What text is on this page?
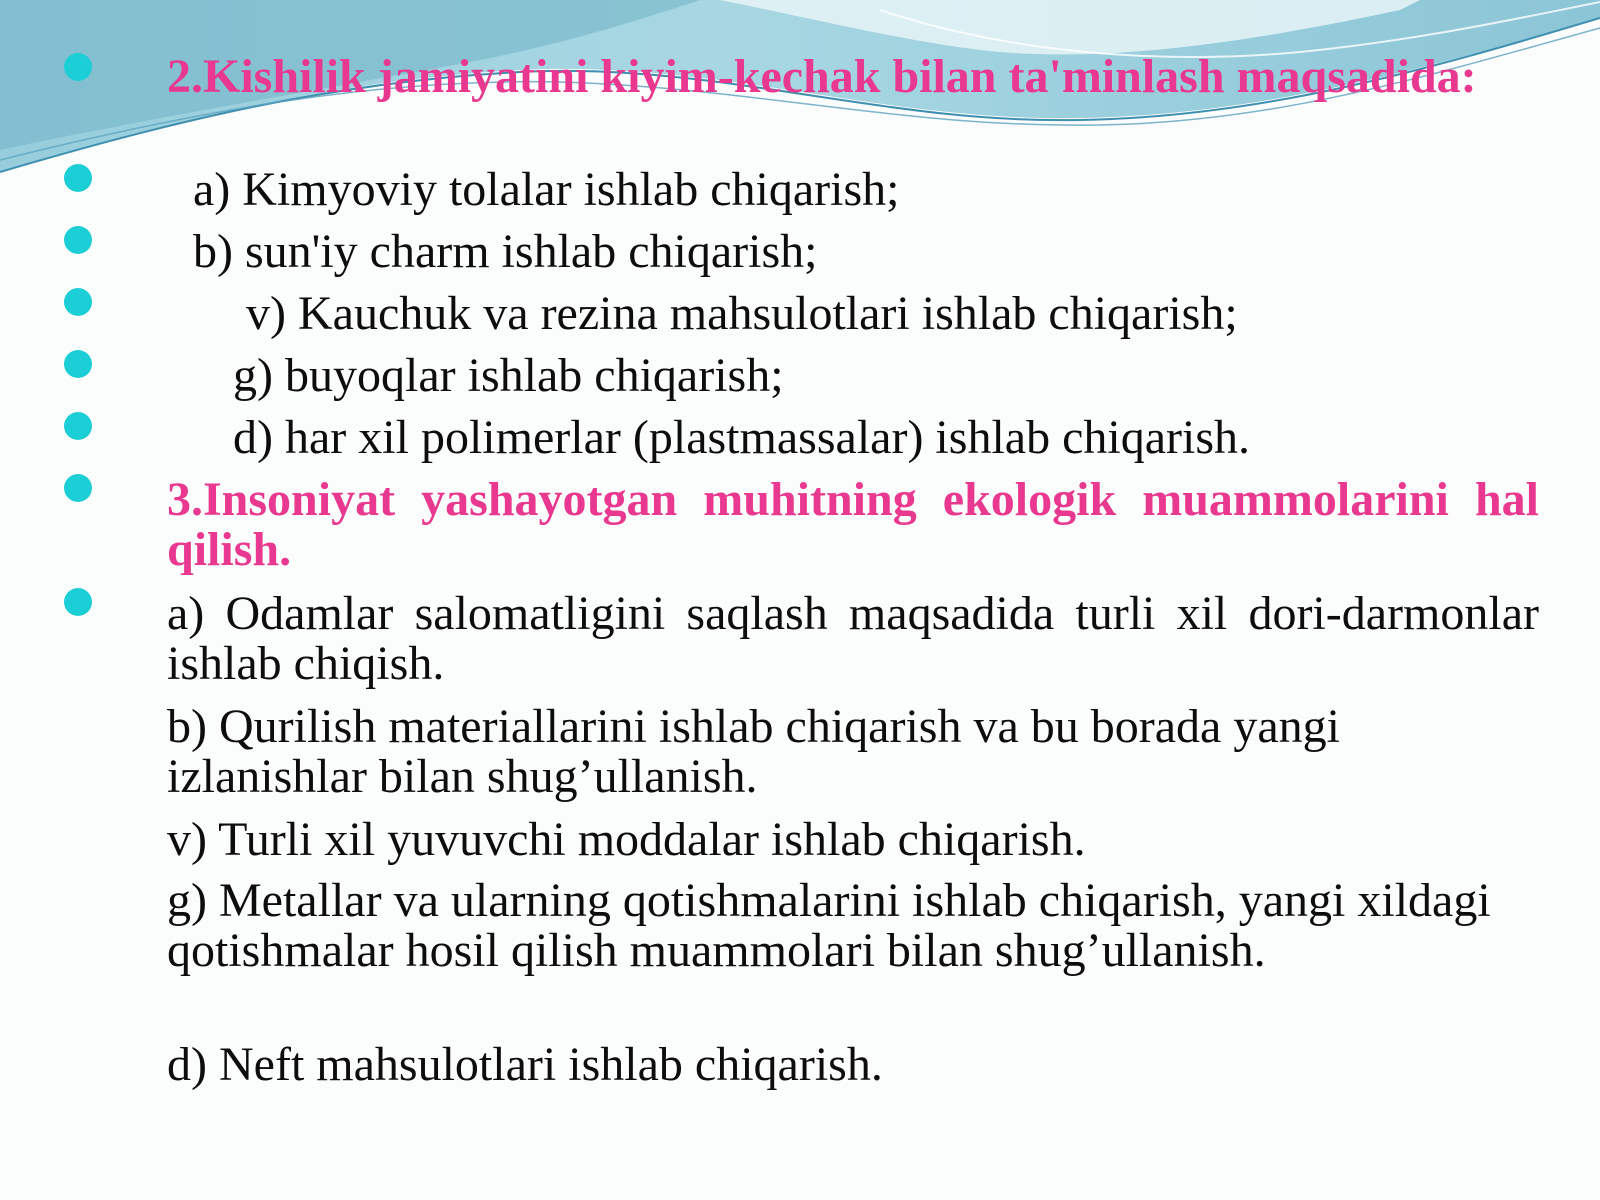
2.Kishilik jamiyatini kiyim-kechak bilan ta'minlash maqsadida:
a) Kimyoviy tolalar ishlab chiqarish;
b) sun'iy charm ishlab chiqarish;
v) Kauchuk va rezina mahsulotlari ishlab chiqarish;
g) buyoqlar ishlab chiqarish;
d) har xil polimerlar (plastmassalar) ishlab chiqarish.
3.Insoniyat yashayotgan muhitning ekologik muammolarini hal qilish.
a) Odamlar salomatligini saqlash maqsadida turli xil dori-darmonlar ishlab chiqish.
b) Qurilish materiallarini ishlab chiqarish va bu borada yangi izlanishlar bilan shug’ullanish.
v) Turli xil yuvuvchi moddalar ishlab chiqarish.
g) Metallar va ularning qotishmalarini ishlab chiqarish, yangi xildagi qotishmalar hosil qilish muammolari bilan shug’ullanish.
d) Neft mahsulotlari ishlab chiqarish.
